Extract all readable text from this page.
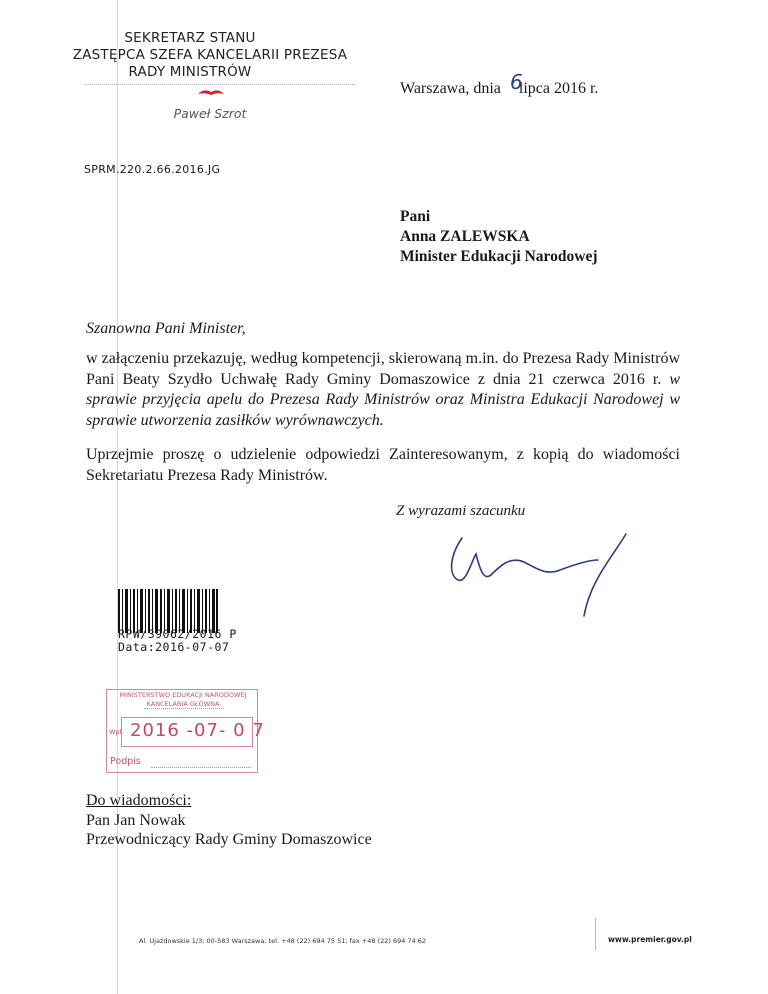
SEKRETARZ STANU
ZASTĘPCA SZEFA KANCELARII PREZESA
RADY MINISTRÓW
Paweł Szrot
Warszawa, dnia lipca 2016 r.
6
SPRM.220.2.66.2016.JG
Pani
Anna ZALEWSKA
Minister Edukacji Narodowej
Szanowna Pani Minister,
w załączeniu przekazuję, według kompetencji, skierowaną m.in. do Prezesa Rady Ministrów Pani Beaty Szydło Uchwałę Rady Gminy Domaszowice z dnia 21 czerwca 2016 r. w sprawie przyjęcia apelu do Prezesa Rady Ministrów oraz Ministra Edukacji Narodowej w sprawie utworzenia zasiłków wyrównawczych.
Uprzejmie proszę o udzielenie odpowiedzi Zainteresowanym, z kopią do wiadomości Sekretariatu Prezesa Rady Ministrów.
Z wyrazami szacunku
RPW/39062/2016 P
Data:2016-07-07
MINISTERSTWO EDUKACJI NARODOWEJ
KANCELARIA GŁÓWNA
Wpł. 2016 -07- 0 7
Podpis
Do wiadomości:
Pan Jan Nowak
Przewodniczący Rady Gminy Domaszowice
Al. Ujazdowskie 1/3; 00-583 Warszawa; tel. +48 (22) 694 75 51; fax +48 (22) 694 74 62	www.premier.gov.pl
